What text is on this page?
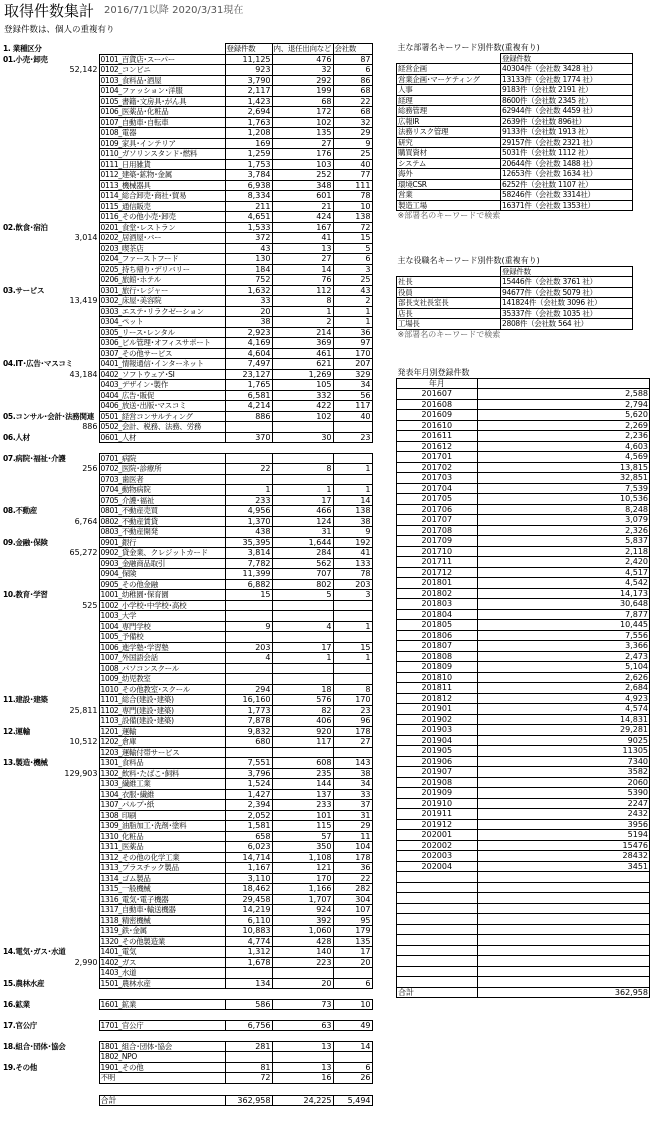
取得件数集計 2016/7/1以降 2020/3/31現在
登録件数は、個人の重複有り
1. 業種区分		登録件数	内、退任出向など	会社数
01.小売･卸売	0101_百貨店･スーパー	11,125	476	87
52,142	0102_コンビニ	923	32	6
	0103_食料品･酒屋	3,790	292	86
	0104_ファッション･洋服	2,117	199	68
	0105_書籍･文房具･がん具	1,423	68	22
	0106_医薬品･化粧品	2,694	172	68
	0107_自動車･自転車	1,763	102	32
	0108_電器	1,208	135	29
	0109_家具･インテリア	169	27	9
	0110_ガソリンスタンド･燃料	1,259	176	25
	0111_日用雑貨	1,753	103	40
	0112_建築･鉱物･金属	3,784	252	77
	0113_機械器具	6,938	348	111
	0114_総合卸売･商社･貿易	8,334	601	78
	0115_通信販売	211	21	10
	0116_その他小売･卸売	4,651	424	138
02.飲食･宿泊	0201_食堂･レストラン	1,533	167	72
3,014	0202_居酒屋･バー	372	41	15
	0203_喫茶店	43	13	5
	0204_ファーストフード	130	27	6
	0205_持ち帰り･デリバリー	184	14	3
	0206_旅館･ホテル	752	76	25
03.サービス	0301_旅行･レジャー	1,632	112	43
13,419	0302_床屋･美容院	33	8	2
	0303_エステ･リラクゼーション	20	1	1
	0304_ペット	38	2	1
	0305_リース･レンタル	2,923	214	36
	0306_ビル管理･オフィスサポート	4,169	369	97
	0307_その他サービス	4,604	461	170
04.IT･広告･マスコミ	0401_情報通信･インターネット	7,497	621	207
43,184	0402_ソフトウェア･SI	23,127	1,269	329
	0403_デザイン･製作	1,765	105	34
	0404_広告･販促	6,581	332	56
	0406_放送･出版･マスコミ	4,214	422	117
05.コンサル･会計･法務関連	0501_経営コンサルティング	886	102	40
886	0502_会計、税務、法務、労務			
06.人材	0601_人材	370	30	23

07.病院･福祉･介護	0701_病院			
256	0702_医院･診療所	22	8	1
	0703_歯医者			
	0704_動物病院	1	1	1
	0705_介護･福祉	233	17	14
08.不動産	0801_不動産売買	4,956	466	138
6,764	0802_不動産賃貸	1,370	124	38
	0803_不動産開発	438	31	9
09.金融･保険	0901_銀行	35,395	1,644	192
65,272	0902_貸金業、クレジットカード	3,814	284	41
	0903_金融商品取引	7,782	562	133
	0904_保険	11,399	707	78
	0905_その他金融	6,882	802	203
10.教育･学習	1001_幼稚園･保育園	15	5	3
525	1002_小学校･中学校･高校			
	1003_大学			
	1004_専門学校	9	4	1
	1005_予備校			
	1006_進学塾･学習塾	203	17	15
	1007_外国語会話	4	1	1
	1008_パソコンスクール			
	1009_幼児教室			
	1010_その他教室･スクール	294	18	8
11.建設･建築	1101_総合(建設･建築)	16,160	576	170
25,811	1102_専門(建設･建築)	1,773	82	23
	1103_設備(建設･建築)	7,878	406	96
12.運輸	1201_運輸	9,832	920	178
10,512	1202_倉庫	680	117	27
	1203_運輸付帯サービス			
13.製造･機械	1301_食料品	7,551	608	143
129,903	1302_飲料･たばこ･飼料	3,796	235	38
	1303_繊維工業	1,524	144	34
	1304_衣服･繊維	1,427	137	33
	1307_パルプ･紙	2,394	233	37
	1308_印刷	2,052	101	31
	1309_油脂加工･洗剤･塗料	1,581	115	29
	1310_化粧品	658	57	11
	1311_医薬品	6,023	350	104
	1312_その他の化学工業	14,714	1,108	178
	1313_プラスチック製品	1,167	121	36
	1314_ゴム製品	3,110	170	22
	1315_一般機械	18,462	1,166	282
	1316_電気･電子機器	29,458	1,707	304
	1317_自動車･輸送機器	14,219	924	107
	1318_精密機械	6,110	392	95
	1319_鉄･金属	10,883	1,060	179
	1320_その他製造業	4,774	428	135
14.電気･ガス･水道	1401_電気	1,312	140	17
2,990	1402_ガス	1,678	223	20
	1403_水道			
15.農林水産	1501_農林水産	134	20	6

16.鉱業	1601_鉱業	586	73	10

17.官公庁	1701_官公庁	6,756	63	49

18.組合･団体･協会	1801_組合･団体･協会	281	13	14
	1802_NPO			
19.その他	1901_その他	81	13	6
	不明	72	16	26

	合計	362,958	24,225	5,494
主な部署名キーワード別件数(重複有り)	
	登録件数
経営企画	40304件（会社数 3428 社）
営業企画･マーケティング	13133件（会社数 1774 社）
人事	9183件（会社数 2191 社）
経理	8600件（会社数 2345 社）
総務管理	62944件（会社数 4459 社）
広報IR	2639件（会社数 896社）
法務リスク管理	9133件（会社数 1913 社）
研究	29157件（会社数 2321 社）
購買資材	5031件（会社数 1112 社）
システム	20644件（会社数 1488 社）
海外	12653件（会社数 1634 社）
環境CSR	6252件（会社数 1107 社）
営業	58246件（会社数 3314社）
製造工場	16371件（会社数 1353社）
※部署名のキーワードで検索	
主な役職名キーワード別件数(重複有り)	
	登録件数
社長	15446件（会社数 3761 社）
役員	94677件（会社数 5079 社）
部長支社長室長	141824件（会社数 3096 社）
店長	35337件（会社数 1035 社）
工場長	2808件（会社数 564 社）
※部署名のキーワードで検索	
発表年月別登録件数	
年月	
201607	2,588
201608	2,794
201609	5,620
201610	2,269
201611	2,236
201612	4,603
201701	4,569
201702	13,815
201703	32,851
201704	7,539
201705	10,536
201706	8,248
201707	3,079
201708	2,326
201709	5,837
201710	2,118
201711	2,420
201712	4,517
201801	4,542
201802	14,173
201803	30,648
201804	7,877
201805	10,445
201806	7,556
201807	3,366
201808	2,473
201809	5,104
201810	2,626
201811	2,684
201812	4,923
201901	4,574
201902	14,831
201903	29,281
201904	9025
201905	11305
201906	7340
201907	3582
201908	2060
201909	5390
201910	2247
201911	2432
201912	3956
202001	5194
202002	15476
202003	28432
202004	3451

合計	362,958
